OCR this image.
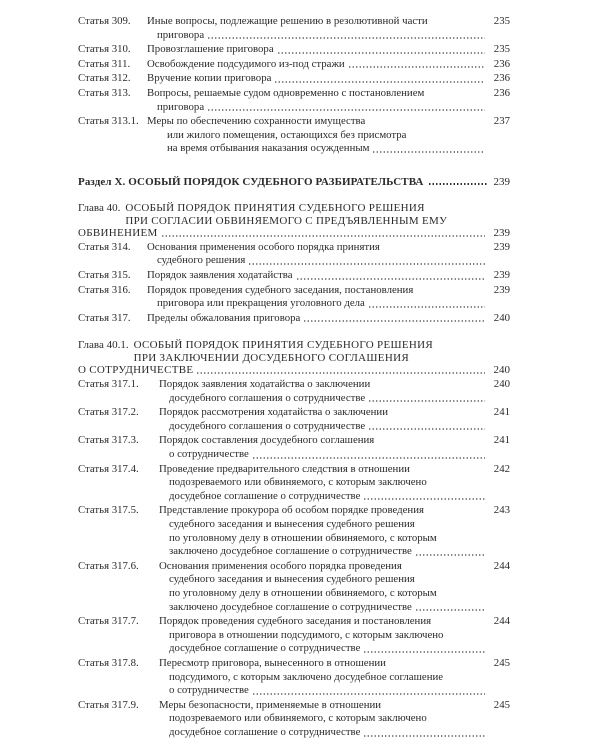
Статья 309.	Иные вопросы, подлежащие решению в резолютивной части
приговора
235
Статья 310.	Провозглашение приговора	235
Статья 311.	Освобождение подсудимого из-под стражи	236
Статья 312.	Вручение копии приговора	236
Статья 313.	Вопросы, решаемые судом одновременно с постановлением
приговора
236
Статья 313.1. Меры по обеспечению сохранности имущества
или жилого помещения, остающихся без присмотра
на время отбывания наказания осужденным
237
Раздел X. ОСОБЫЙ ПОРЯДОК СУДЕБНОГО РАЗБИРАТЕЛЬСТВА	239
Глава 40. ОСОБЫЙ ПОРЯДОК ПРИНЯТИЯ СУДЕБНОГО РЕШЕНИЯ
ПРИ СОГЛАСИИ ОБВИНЯЕМОГО С ПРЕДЪЯВЛЕННЫМ ЕМУ
ОБВИНЕНИЕМ	239
Статья 314.	Основания применения особого порядка принятия
судебного решения
239
Статья 315.	Порядок заявления ходатайства	239
Статья 316.	Порядок проведения судебного заседания, постановления
приговора или прекращения уголовного дела
239
Статья 317.	Пределы обжалования приговора	240
Глава 40.1. ОСОБЫЙ ПОРЯДОК ПРИНЯТИЯ СУДЕБНОГО РЕШЕНИЯ
ПРИ ЗАКЛЮЧЕНИИ ДОСУДЕБНОГО СОГЛАШЕНИЯ
О СОТРУДНИЧЕСТВЕ	240
Статья 317.1.	Порядок заявления ходатайства о заключении
досудебного соглашения о сотрудничестве
240
Статья 317.2.	Порядок рассмотрения ходатайства о заключении
досудебного соглашения о сотрудничестве
241
Статья 317.3.	Порядок составления досудебного соглашения
о сотрудничестве
241
Статья 317.4.	Проведение предварительного следствия в отношении
подозреваемого или обвиняемого, с которым заключено
досудебное соглашение о сотрудничестве
242
Статья 317.5.	Представление прокурора об особом порядке проведения
судебного заседания и вынесения судебного решения
по уголовному делу в отношении обвиняемого, с которым
заключено досудебное соглашение о сотрудничестве
243
Статья 317.6.	Основания применения особого порядка проведения
судебного заседания и вынесения судебного решения
по уголовному делу в отношении обвиняемого, с которым
заключено досудебное соглашение о сотрудничестве
244
Статья 317.7.	Порядок проведения судебного заседания и постановления
приговора в отношении подсудимого, с которым заключено
досудебное соглашение о сотрудничестве
244
Статья 317.8.	Пересмотр приговора, вынесенного в отношении
подсудимого, с которым заключено досудебное соглашение
о сотрудничестве
245
Статья 317.9.	Меры безопасности, применяемые в отношении
подозреваемого или обвиняемого, с которым заключено
досудебное соглашение о сотрудничестве
245
